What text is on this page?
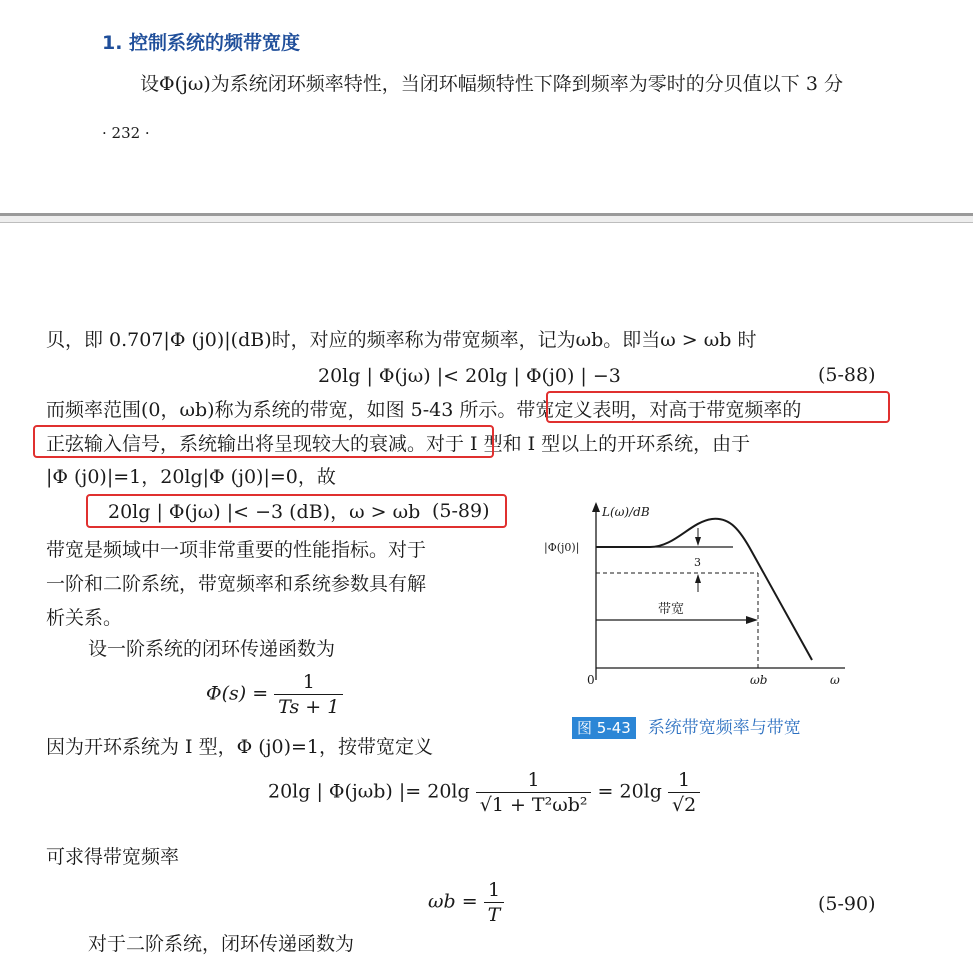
1. 控制系统的频带宽度
设Φ(jω)为系统闭环频率特性，当闭环幅频特性下降到频率为零时的分贝值以下 3 分
· 232 ·
贝，即 0.707|Φ (j0)|(dB)时，对应的频率称为带宽频率，记为ωb。即当ω > ωb 时
20lg | Φ(jω) |< 20lg | Φ(j0) | −3	(5-88)
而频率范围(0，ωb)称为系统的带宽，如图 5-43 所示。带宽定义表明，对高于带宽频率的
正弦输入信号，系统输出将呈现较大的衰减。对于 I 型和 I 型以上的开环系统，由于
|Φ (j0)|=1，20lg|Φ (j0)|=0，故
20lg | Φ(jω) |< −3 (dB)，ω > ωb (5-89)
带宽是频域中一项非常重要的性能指标。对于
一阶和二阶系统，带宽频率和系统参数具有解
析关系。
设一阶系统的闭环传递函数为
$\Phi(s) = \frac{1}{Ts + 1}$
因为开环系统为 I 型，Φ (j0)=1，按带宽定义
20lg | Φ(jωb) |= $20\lg \frac{1}{\text{√1 + T²ωb²}} = 20\lg \frac{1}{√2}$
可求得带宽频率
$\omega b = \frac{1}{T}$	(5-90)
对于二阶系统，闭环传递函数为
L(ω)/dB
|Φ(j0)|
3
带宽
0	ωb	ω
图 5-43 系统带宽频率与带宽
